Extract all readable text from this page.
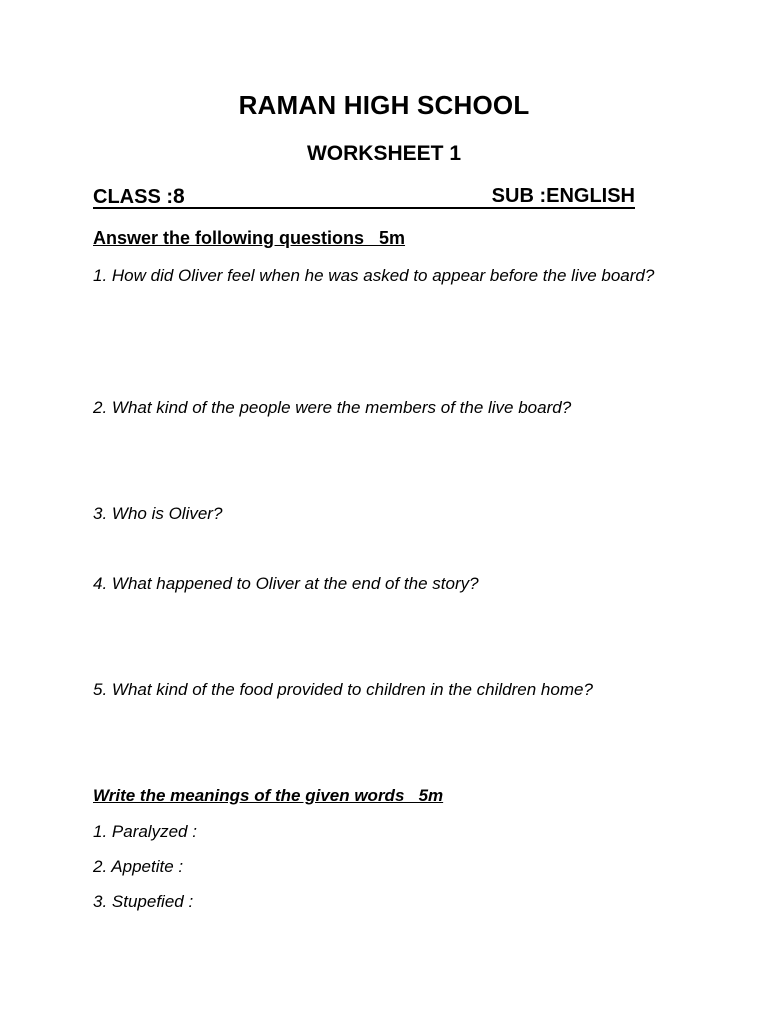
RAMAN HIGH SCHOOL
WORKSHEET 1
CLASS :8	SUB :ENGLISH
Answer the following questions   5m
1. How did Oliver feel when he was asked to appear before the live board?
2. What kind of the people were the members of the live board?
3. Who is Oliver?
4. What happened to Oliver at the end of the story?
5. What kind of the food provided to children in the children home?
Write the meanings of the given words   5m
1. Paralyzed :
2. Appetite :
3. Stupefied :
